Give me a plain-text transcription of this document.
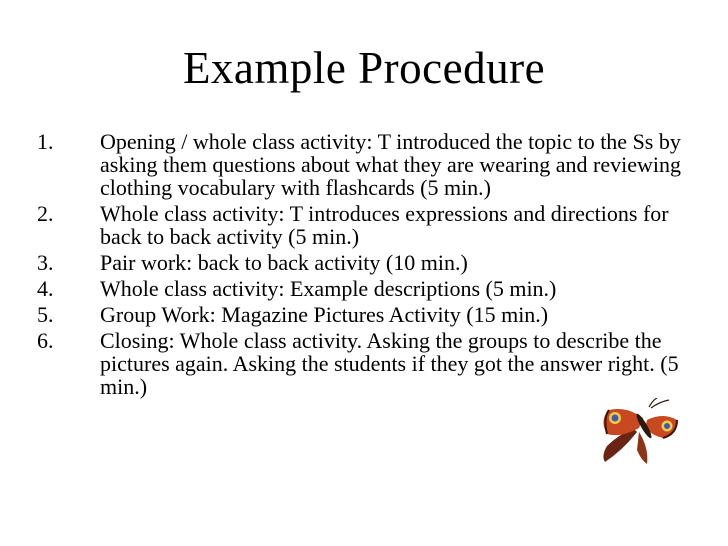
Example Procedure
1.	Opening / whole class activity: T introduced the topic to the Ss by asking them questions about what they are wearing and reviewing clothing vocabulary with flashcards (5 min.)
2.	Whole class activity: T introduces expressions and directions for back to back activity (5 min.)
3.	Pair work: back to back activity (10 min.)
4.	Whole class activity: Example descriptions (5 min.)
5.	Group Work: Magazine Pictures Activity (15 min.)
6.	Closing: Whole class activity. Asking the groups to describe the pictures again. Asking the students if they got the answer right. (5 min.)
